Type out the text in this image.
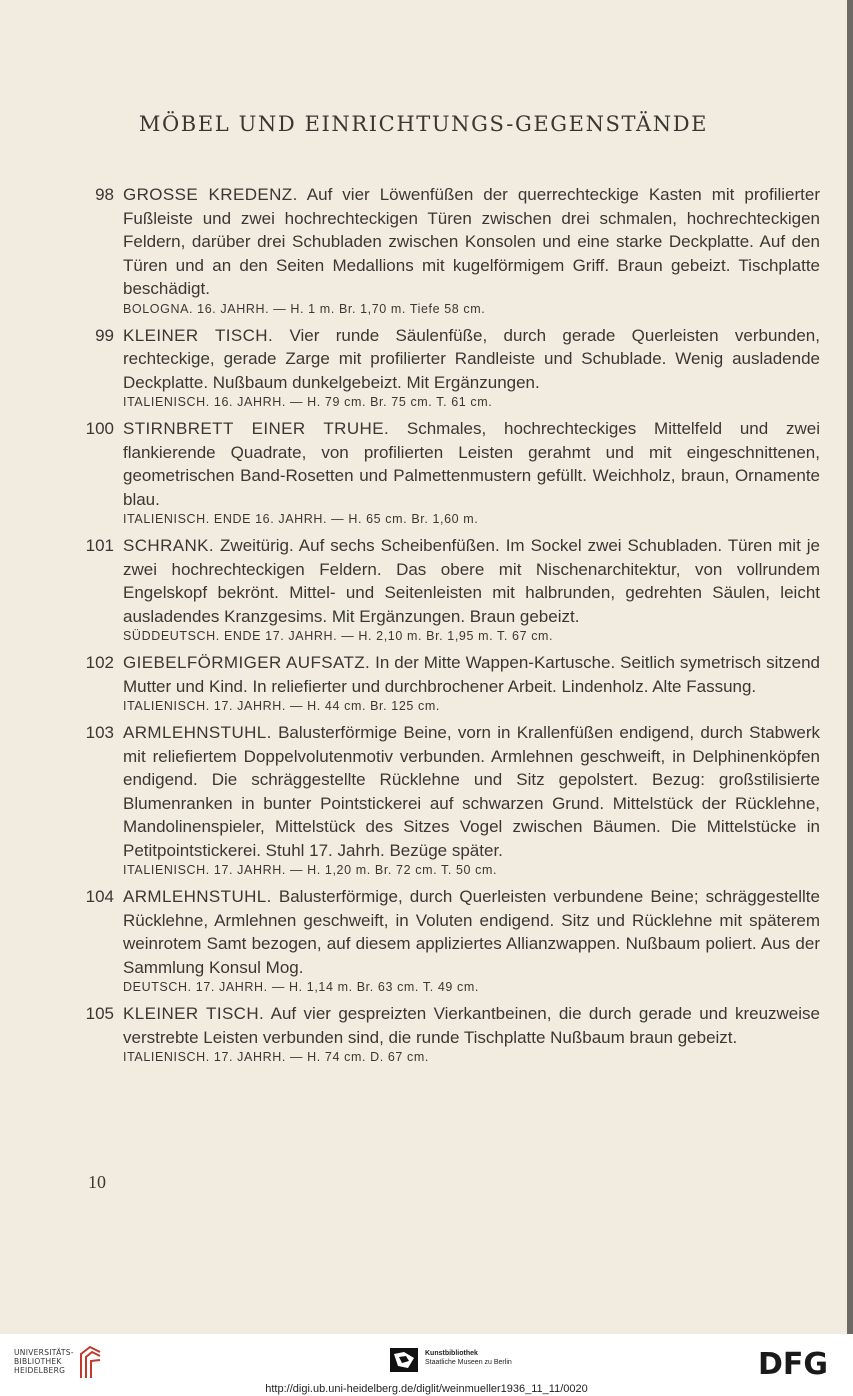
MÖBEL UND EINRICHTUNGS-GEGENSTÄNDE
98 GROSSE KREDENZ. Auf vier Löwenfüßen der querrechteckige Kasten mit profilierter Fußleiste und zwei hochrechteckigen Türen zwischen drei schmalen, hochrechteckigen Feldern, darüber drei Schubladen zwischen Konsolen und eine starke Deckplatte. Auf den Türen und an den Seiten Medallions mit kugelförmigem Griff. Braun gebeizt. Tischplatte beschädigt.
BOLOGNA. 16. JAHRH. — H. 1 m. Br. 1,70 m. Tiefe 58 cm.
99 KLEINER TISCH. Vier runde Säulenfüße, durch gerade Querleisten verbunden, rechteckige, gerade Zarge mit profilierter Randleiste und Schublade. Wenig ausladende Deckplatte. Nußbaum dunkelgebeizt. Mit Ergänzungen.
ITALIENISCH. 16. JAHRH. — H. 79 cm. Br. 75 cm. T. 61 cm.
100 STIRNBRETT EINER TRUHE. Schmales, hochrechteckiges Mittelfeld und zwei flankierende Quadrate, von profilierten Leisten gerahmt und mit eingeschnittenen, geometrischen Band-Rosetten und Palmettenmustern gefüllt. Weichholz, braun, Ornamente blau.
ITALIENISCH. ENDE 16. JAHRH. — H. 65 cm. Br. 1,60 m.
101 SCHRANK. Zweitürig. Auf sechs Scheibenfüßen. Im Sockel zwei Schubladen. Türen mit je zwei hochrechteckigen Feldern. Das obere mit Nischenarchitektur, von vollrundem Engelskopf bekrönt. Mittel- und Seitenleisten mit halbrunden, gedrehten Säulen, leicht ausladendes Kranzgesims. Mit Ergänzungen. Braun gebeizt.
SÜDDEUTSCH. ENDE 17. JAHRH. — H. 2,10 m. Br. 1,95 m. T. 67 cm.
102 GIEBELFÖRMIGER AUFSATZ. In der Mitte Wappen-Kartusche. Seitlich symetrisch sitzend Mutter und Kind. In reliefierter und durchbrochener Arbeit. Lindenholz. Alte Fassung.
ITALIENISCH. 17. JAHRH. — H. 44 cm. Br. 125 cm.
103 ARMLEHNSTUHL. Balusterförmige Beine, vorn in Krallenfüßen endigend, durch Stabwerk mit reliefiertem Doppelvolutenmotiv verbunden. Armlehnen geschweift, in Delphinenköpfen endigend. Die schräggestellte Rücklehne und Sitz gepolstert. Bezug: großstilisierte Blumenranken in bunter Pointstickerei auf schwarzen Grund. Mittelstück der Rücklehne, Mandolinenspieler, Mittelstück des Sitzes Vogel zwischen Bäumen. Die Mittelstücke in Petitpointstickerei. Stuhl 17. Jahrh. Bezüge später.
ITALIENISCH. 17. JAHRH. — H. 1,20 m. Br. 72 cm. T. 50 cm.
104 ARMLEHNSTUHL. Balusterförmige, durch Querleisten verbundene Beine; schräggestellte Rücklehne, Armlehnen geschweift, in Voluten endigend. Sitz und Rücklehne mit späterem weinrotem Samt bezogen, auf diesem appliziertes Allianzwappen. Nußbaum poliert. Aus der Sammlung Konsul Mog.
DEUTSCH. 17. JAHRH. — H. 1,14 m. Br. 63 cm. T. 49 cm.
105 KLEINER TISCH. Auf vier gespreizten Vierkantbeinen, die durch gerade und kreuzweise verstrebte Leisten verbunden sind, die runde Tischplatte Nußbaum braun gebeizt.
ITALIENISCH. 17. JAHRH. — H. 74 cm. D. 67 cm.
10
UNIVERSITÄTS-
BIBLIOTHEK
HEIDELBERG
Kunstbibliothek
Staatliche Museen zu Berlin	DFG
http://digi.ub.uni-heidelberg.de/diglit/weinmueller1936_11_11/0020
